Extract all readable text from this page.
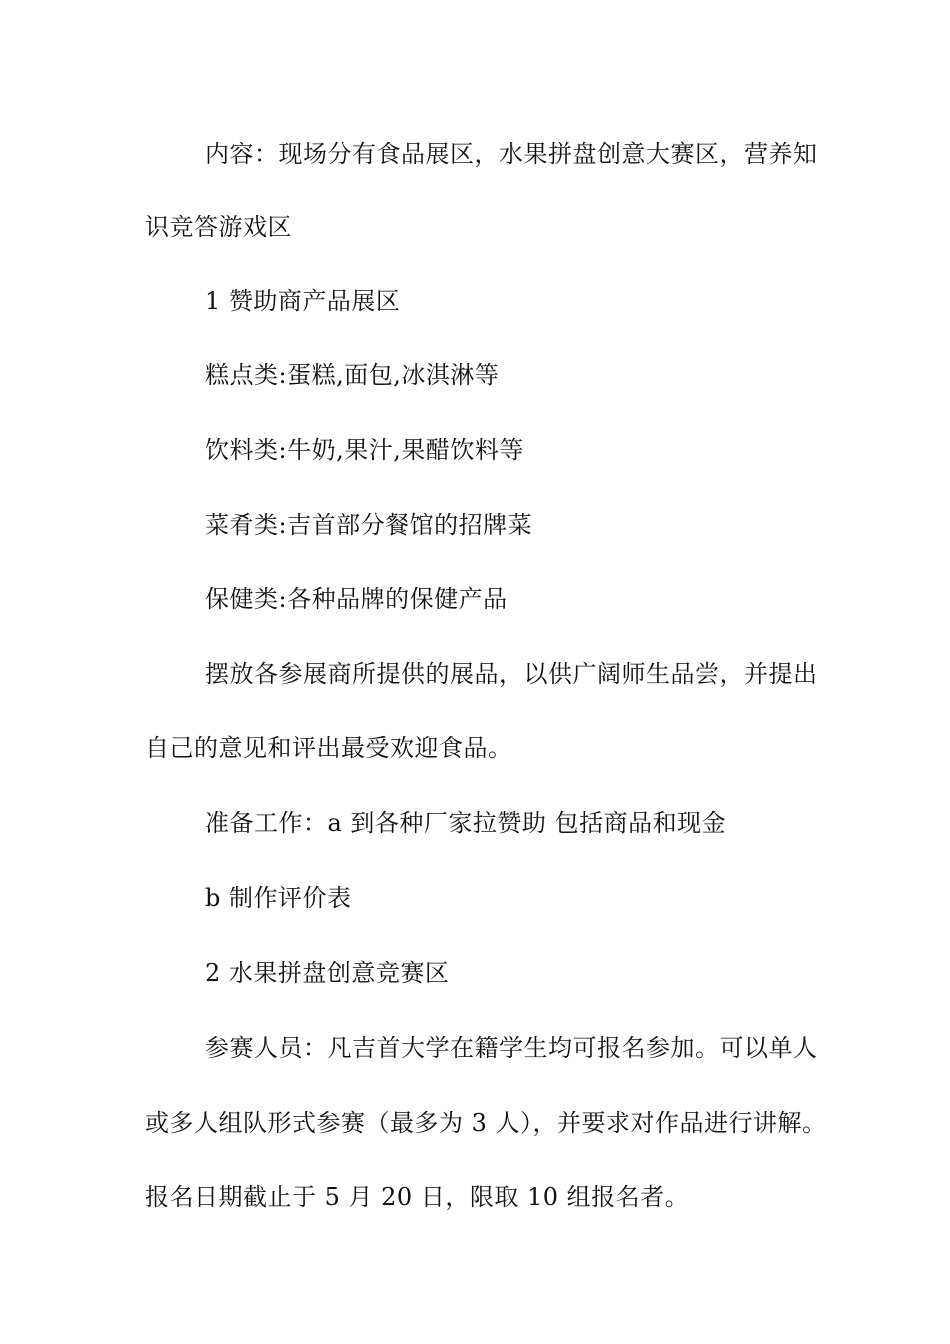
内容：现场分有食品展区，水果拼盘创意大赛区，营养知
识竞答游戏区
1 赞助商产品展区
糕点类:蛋糕,面包,冰淇淋等
饮料类:牛奶,果汁,果醋饮料等
菜肴类:吉首部分餐馆的招牌菜
保健类:各种品牌的保健产品
摆放各参展商所提供的展品，以供广阔师生品尝，并提出
自己的意见和评出最受欢迎食品。
准备工作：a 到各种厂家拉赞助 包括商品和现金
b 制作评价表
2 水果拼盘创意竞赛区
参赛人员：凡吉首大学在籍学生均可报名参加。可以单人
或多人组队形式参赛（最多为 3 人），并要求对作品进行讲解。
报名日期截止于 5 月 20 日，限取 10 组报名者。
